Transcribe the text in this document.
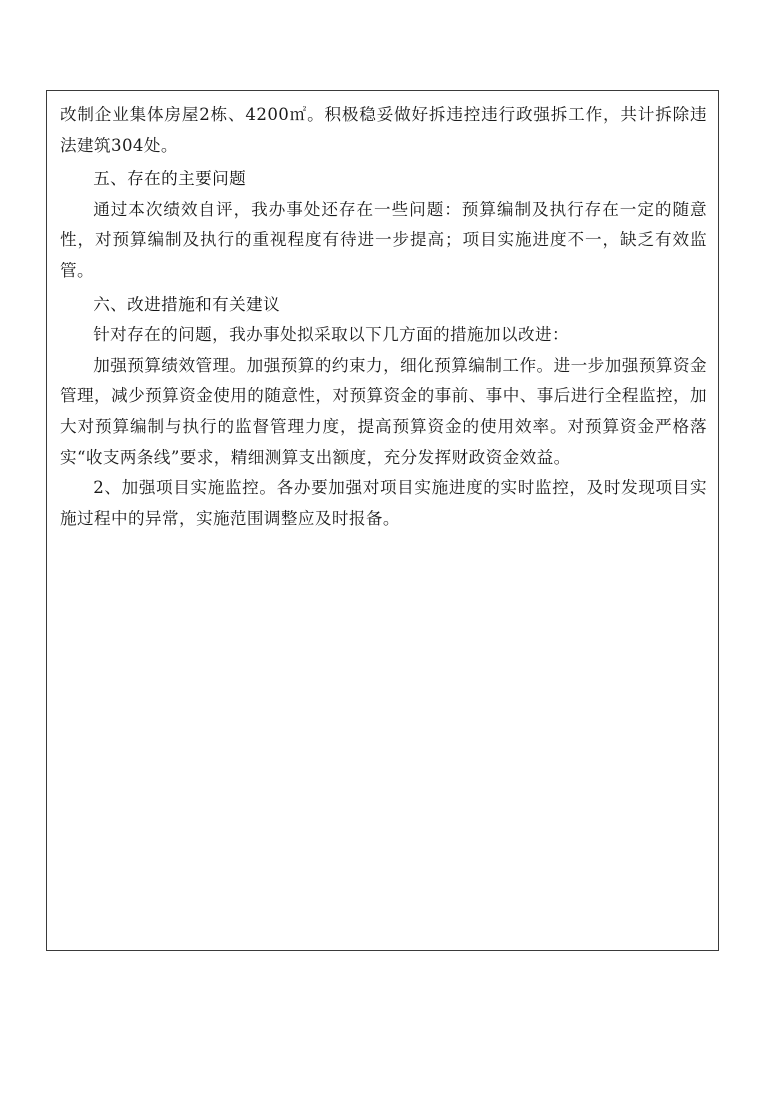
改制企业集体房屋2栋、4200㎡。积极稳妥做好拆违控违行政强拆工作，共计拆除违法建筑304处。

五、存在的主要问题

通过本次绩效自评，我办事处还存在一些问题：预算编制及执行存在一定的随意性，对预算编制及执行的重视程度有待进一步提高；项目实施进度不一，缺乏有效监管。

六、改进措施和有关建议

针对存在的问题，我办事处拟采取以下几方面的措施加以改进：

加强预算绩效管理。加强预算的约束力，细化预算编制工作。进一步加强预算资金管理，减少预算资金使用的随意性，对预算资金的事前、事中、事后进行全程监控，加大对预算编制与执行的监督管理力度，提高预算资金的使用效率。对预算资金严格落实“收支两条线”要求，精细测算支出额度，充分发挥财政资金效益。

2、加强项目实施监控。各办要加强对项目实施进度的实时监控，及时发现项目实施过程中的异常，实施范围调整应及时报备。
